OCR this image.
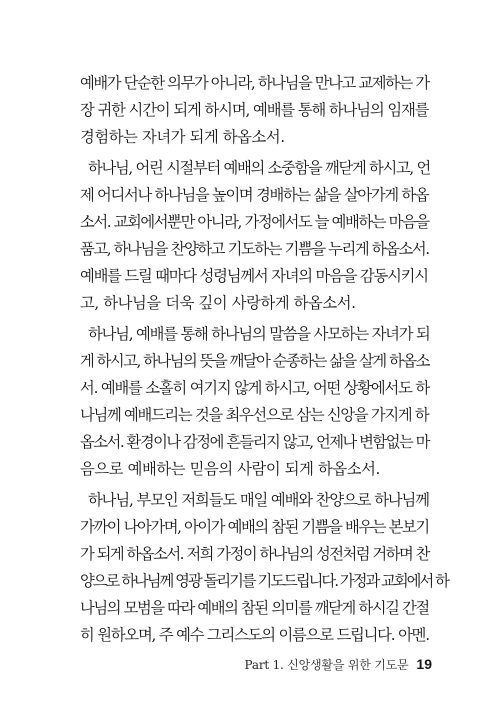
예배가 단순한 의무가 아니라, 하나님을 만나고 교제하는 가
장 귀한 시간이 되게 하시며, 예배를 통해 하나님의 임재를
경험하는 자녀가 되게 하옵소서.
하나님, 어린 시절부터 예배의 소중함을 깨닫게 하시고, 언
제 어디서나 하나님을 높이며 경배하는 삶을 살아가게 하옵
소서. 교회에서뿐만 아니라, 가정에서도 늘 예배하는 마음을
품고, 하나님을 찬양하고 기도하는 기쁨을 누리게 하옵소서.
예배를 드릴 때마다 성령님께서 자녀의 마음을 감동시키시
고, 하나님을 더욱 깊이 사랑하게 하옵소서.
하나님, 예배를 통해 하나님의 말씀을 사모하는 자녀가 되
게 하시고, 하나님의 뜻을 깨달아 순종하는 삶을 살게 하옵소
서. 예배를 소홀히 여기지 않게 하시고, 어떤 상황에서도 하
나님께 예배드리는 것을 최우선으로 삼는 신앙을 가지게 하
옵소서. 환경이나 감정에 흔들리지 않고, 언제나 변함없는 마
음으로 예배하는 믿음의 사람이 되게 하옵소서.
하나님, 부모인 저희들도 매일 예배와 찬양으로 하나님께
가까이 나아가며, 아이가 예배의 참된 기쁨을 배우는 본보기
가 되게 하옵소서. 저희 가정이 하나님의 성전처럼 거하며 찬
양으로 하나님께 영광 돌리기를 기도드립니다. 가정과 교회에서 하
나님의 모범을 따라 예배의 참된 의미를 깨닫게 하시길 간절
히 원하오며, 주 예수 그리스도의 이름으로 드립니다. 아멘.
Part 1. 신앙생활을 위한 기도문 19
